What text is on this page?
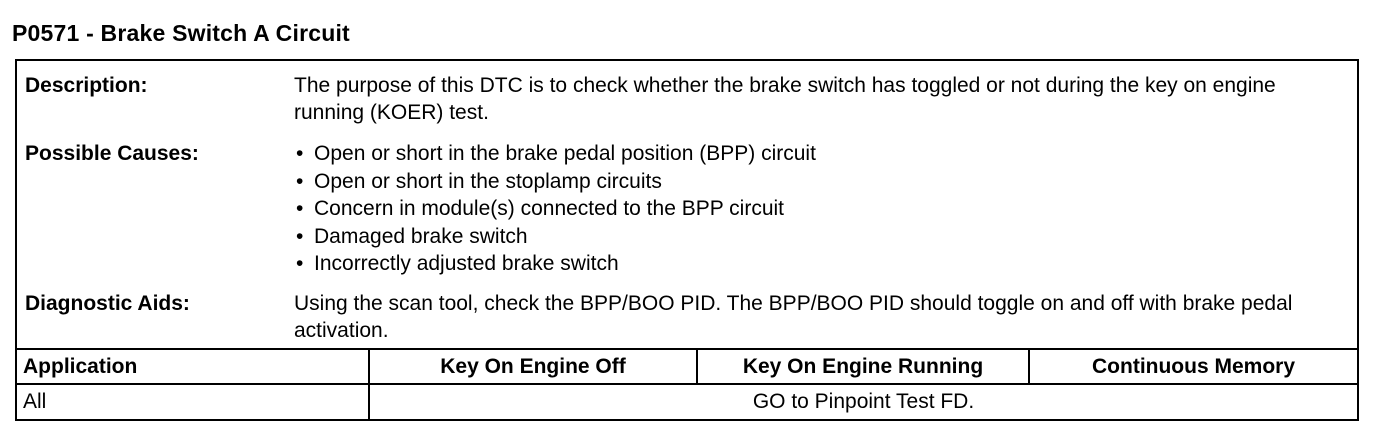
P0571 - Brake Switch A Circuit
Description:	The purpose of this DTC is to check whether the brake switch has toggled or not during the key on engine running (KOER) test.

Possible Causes:	• Open or short in the brake pedal position (BPP) circuit
• Open or short in the stoplamp circuits
• Concern in module(s) connected to the BPP circuit
• Damaged brake switch
• Incorrectly adjusted brake switch
Diagnostic Aids:	Using the scan tool, check the BPP/BOO PID. The BPP/BOO PID should toggle on and off with brake pedal activation.

Application	Key On Engine Off	Key On Engine Running	Continuous Memory
All	GO to Pinpoint Test FD.		
